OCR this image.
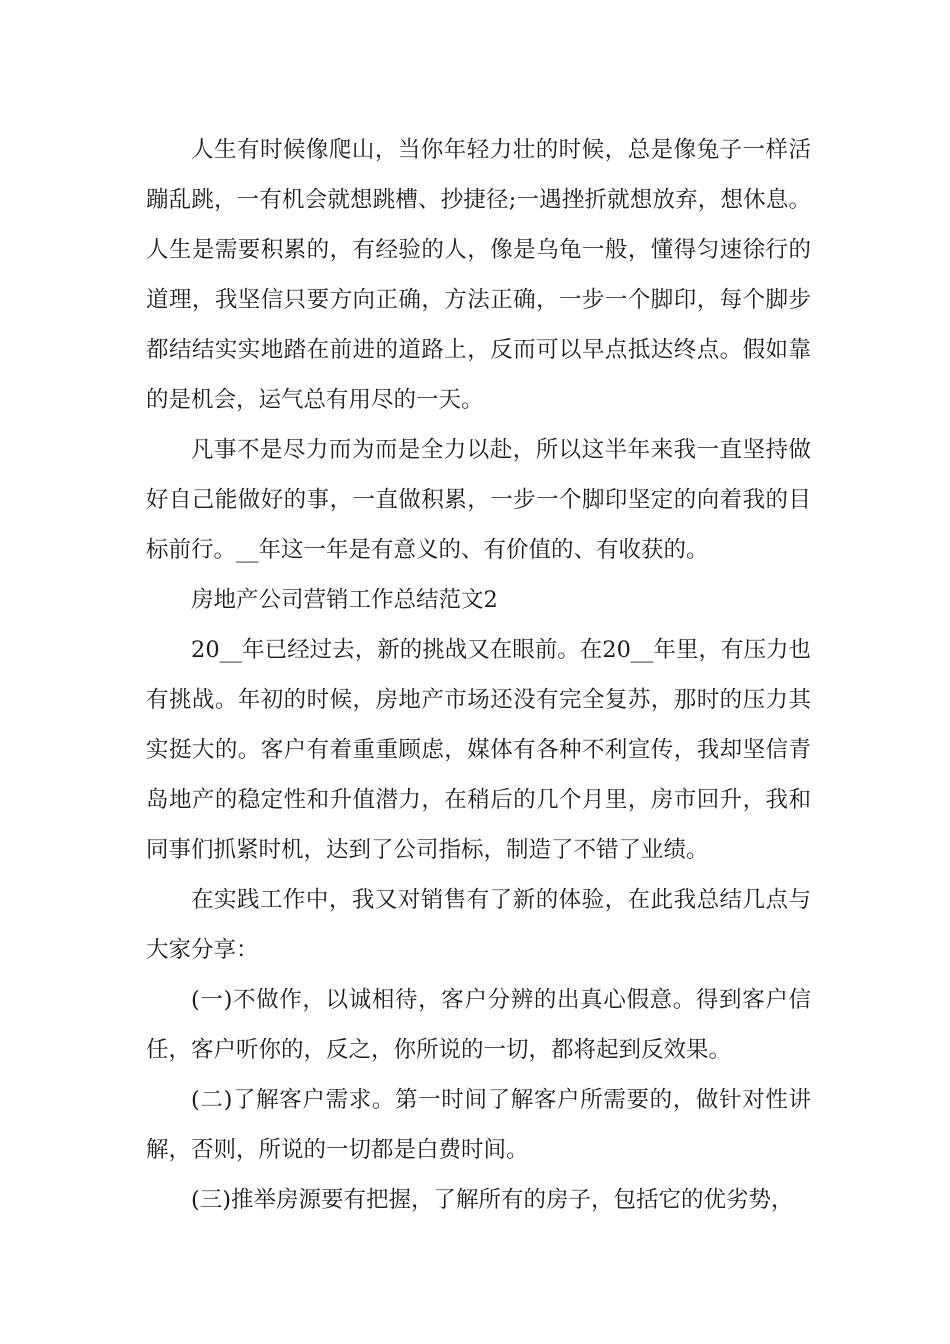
人生有时候像爬山，当你年轻力壮的时候，总是像兔子一样活蹦乱跳，一有机会就想跳槽、抄捷径;一遇挫折就想放弃，想休息。人生是需要积累的，有经验的人，像是乌龟一般，懂得匀速徐行的道理，我坚信只要方向正确，方法正确，一步一个脚印，每个脚步都结结实实地踏在前进的道路上，反而可以早点抵达终点。假如靠的是机会，运气总有用尽的一天。

凡事不是尽力而为而是全力以赴，所以这半年来我一直坚持做好自己能做好的事，一直做积累，一步一个脚印坚定的向着我的目标前行。__年这一年是有意义的、有价值的、有收获的。

房地产公司营销工作总结范文2

20__年已经过去，新的挑战又在眼前。在20__年里，有压力也有挑战。年初的时候，房地产市场还没有完全复苏，那时的压力其实挺大的。客户有着重重顾虑，媒体有各种不利宣传，我却坚信青岛地产的稳定性和升值潜力，在稍后的几个月里，房市回升，我和同事们抓紧时机，达到了公司指标，制造了不错了业绩。

在实践工作中，我又对销售有了新的体验，在此我总结几点与大家分享：

(一)不做作，以诚相待，客户分辨的出真心假意。得到客户信任，客户听你的，反之，你所说的一切，都将起到反效果。

(二)了解客户需求。第一时间了解客户所需要的，做针对性讲解，否则，所说的一切都是白费时间。

(三)推举房源要有把握，了解所有的房子，包括它的优劣势，
